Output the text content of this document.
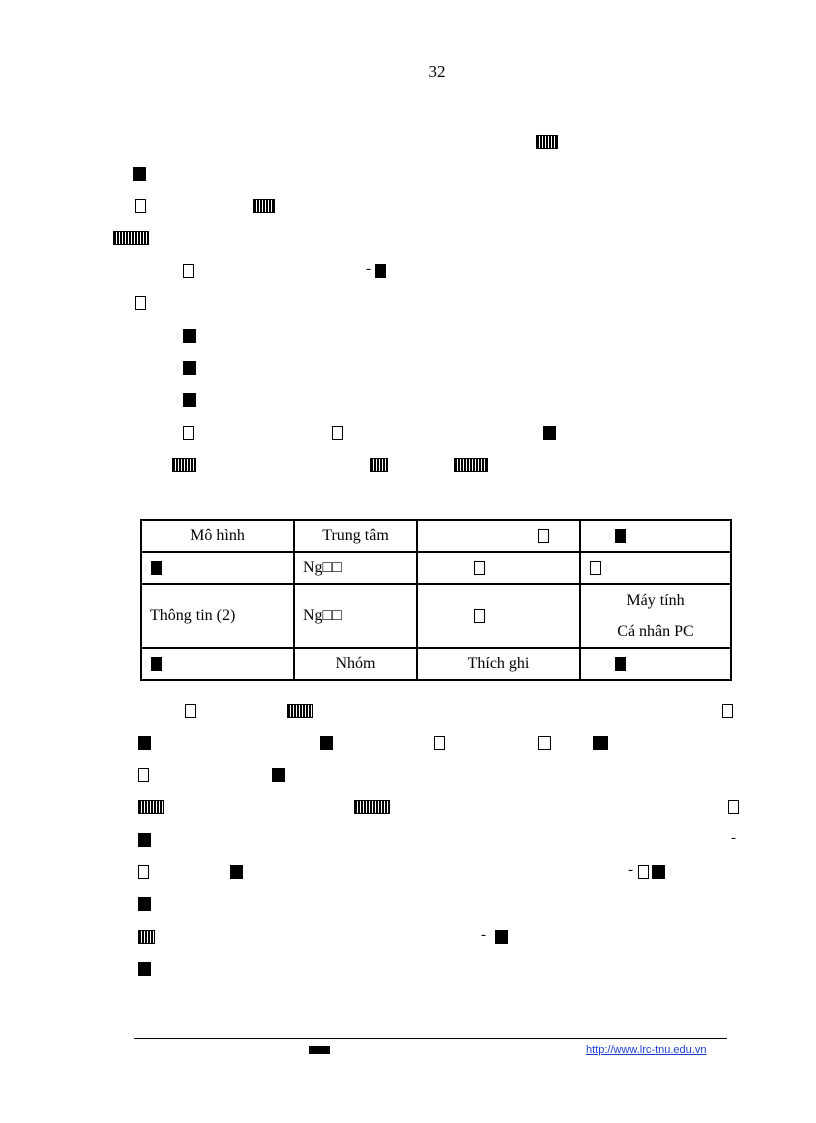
32
-
-
-
-
Mô hình	Trung tâm		
	Ng□□		
Thông tin (2)	Ng□□		Máy tính
Cá nhân PC
	Nhóm	Thích ghi	
http://www.lrc-tnu.edu.vn
